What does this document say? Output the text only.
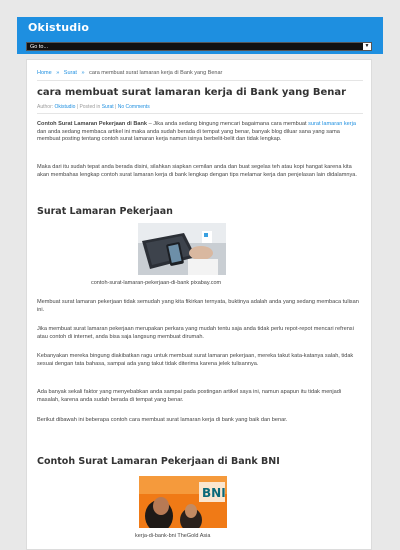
Okistudio
Go to...	▼
Home » Surat » cara membuat surat lamaran kerja di Bank yang Benar
cara membuat surat lamaran kerja di Bank yang Benar
Author: Okistudio | Posted in Surat | No Comments
Contoh Surat Lamaran Pekerjaan di Bank – Jika anda sedang bingung mencari bagaimana cara membuat surat lamaran kerja dan anda sedang membaca artikel ini maka anda sudah berada di tempat yang benar, banyak blog diluar sana yang sama membuat posting tentang contoh surat lamaran kerja namun isinya berbelit-belit dan tidak lengkap.
Maka dari itu sudah tepat anda berada disini, silahkan siapkan cemilan anda dan buat segelas teh atau kopi hangat karena kita akan membahas lengkap contoh surat lamaran kerja di bank lengkap dengan tips melamar kerja dan penjelasan lain didalamnya.
Surat Lamaran Pekerjaan
contoh-surat-lamaran-pekerjaan-di-bank pixabay.com
Membuat surat lamaran pekerjaan tidak semudah yang kita fikirkan ternyata, buktinya adalah anda yang sedang membaca tulisan ini.
Jika membuat surat lamaran pekerjaan merupakan perkara yang mudah tentu saja anda tidak perlu repot-repot mencari refrensi atau contoh di internet, anda bisa saja langsung membuat dirumah.
Kebanyakan mereka bingung diakibatkan ragu untuk membuat surat lamaran pekerjaan, mereka takut kata-katanya salah, tidak sesuai dengan tata bahasa, sampai ada yang takut tidak diterima karena jelek tulisannya.
Ada banyak sekali faktor yang menyebabkan anda sampai pada postingan artikel saya ini, namun apapun itu tidak menjadi masalah, karena anda sudah berada di tempat yang benar.
Berikut dibawah ini beberapa contoh cara membuat surat lamaran kerja di bank yang baik dan benar.
Contoh Surat Lamaran Pekerjaan di Bank BNI
BNI
kerja-di-bank-bni TheGold Asia
